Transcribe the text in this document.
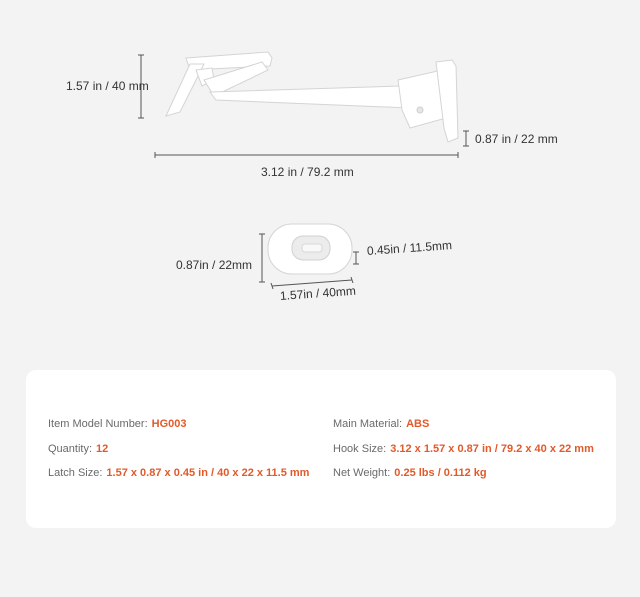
1.57 in / 40 mm
0.87 in / 22 mm
3.12 in / 79.2 mm
0.87in / 22mm
0.45in / 11.5mm
1.57in / 40mm
Item Model Number: HG003
Quantity: 12
Latch Size: 1.57 x 0.87 x 0.45 in / 40 x 22 x 11.5 mm
Main Material: ABS
Hook Size: 3.12 x 1.57 x 0.87 in / 79.2 x 40 x 22 mm
Net Weight: 0.25 lbs / 0.112 kg
